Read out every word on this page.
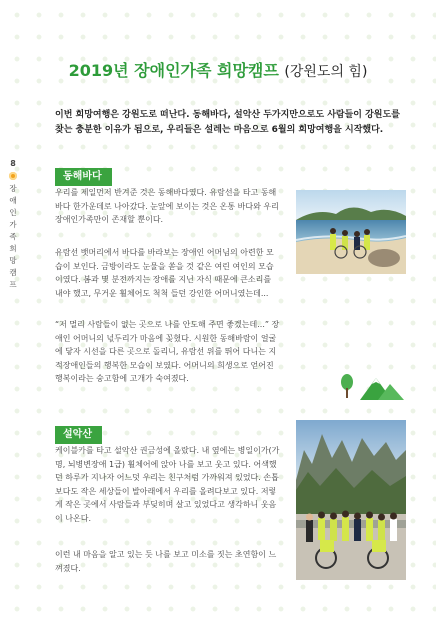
2019년 장애인가족 희망캠프 (강원도의 힘)
이번 희망여행은 강원도로 떠난다. 동해바다, 설악산 두가지만으로도 사람들이 강원도를 찾는 충분한 이유가 됨으로, 우리들은 설레는 마음으로 6월의 희망여행을 시작했다.
8
장
애
인
가
족
희
망
캠
프
동해바다
우리를 제일먼저 반겨준 것은 동해바다였다. 유람선을 타고 동해바다 한가운데로 나아갔다. 눈앞에 보이는 것은 온통 바다와 우리 장애인가족만이 존재할 뿐이다.
유람선 뱃머리에서 바다를 바라보는 장애인 어머님의 아련한 모습이 보인다. 금방이라도 눈물을 쏟을 것 같은 여린 여인의 모습이였다. 봄과 몇 분전까지는 장애를 지닌 자식 때문에 큰소리를 내야 했고, 무거운 휠체어도 척척 들던 강인한 어머니였는데...
“저 멀리 사람들이 없는 곳으로 나를 안도해 주면 좋겠는데...” 장애인 어머니의 넋두리가 마음에 꽂혔다. 시원한 동해바람이 얼굴에 닿자 시선을 다른 곳으로 돌리니, 유람선 위를 뛰어 다니는 지적장애인들의 행복한 모습이 보였다. 어머니의 희생으로 얻어진 행복이라는 숭고함에 고개가 숙여졌다.
설악산
케이블카를 타고 설악산 권금성에 올랐다. 내 옆에는 병일이가(가명, 뇌병변장애 1급) 휠체어에 앉아 나를 보고 웃고 있다. 어색했던 하루가 지나자 어느덧 우리는 친구처럼 가까워져 있었다. 손톱보다도 작은 세상들이 발아래에서 우리를 올려다보고 있다. 저렇게 작은 곳에서 사람들과 부딪히며 살고 있었다고 생각하니 웃음이 나온다.
이런 내 마음을 알고 있는 듯 나를 보고 미소를 짓는 초연함이 느껴졌다.
